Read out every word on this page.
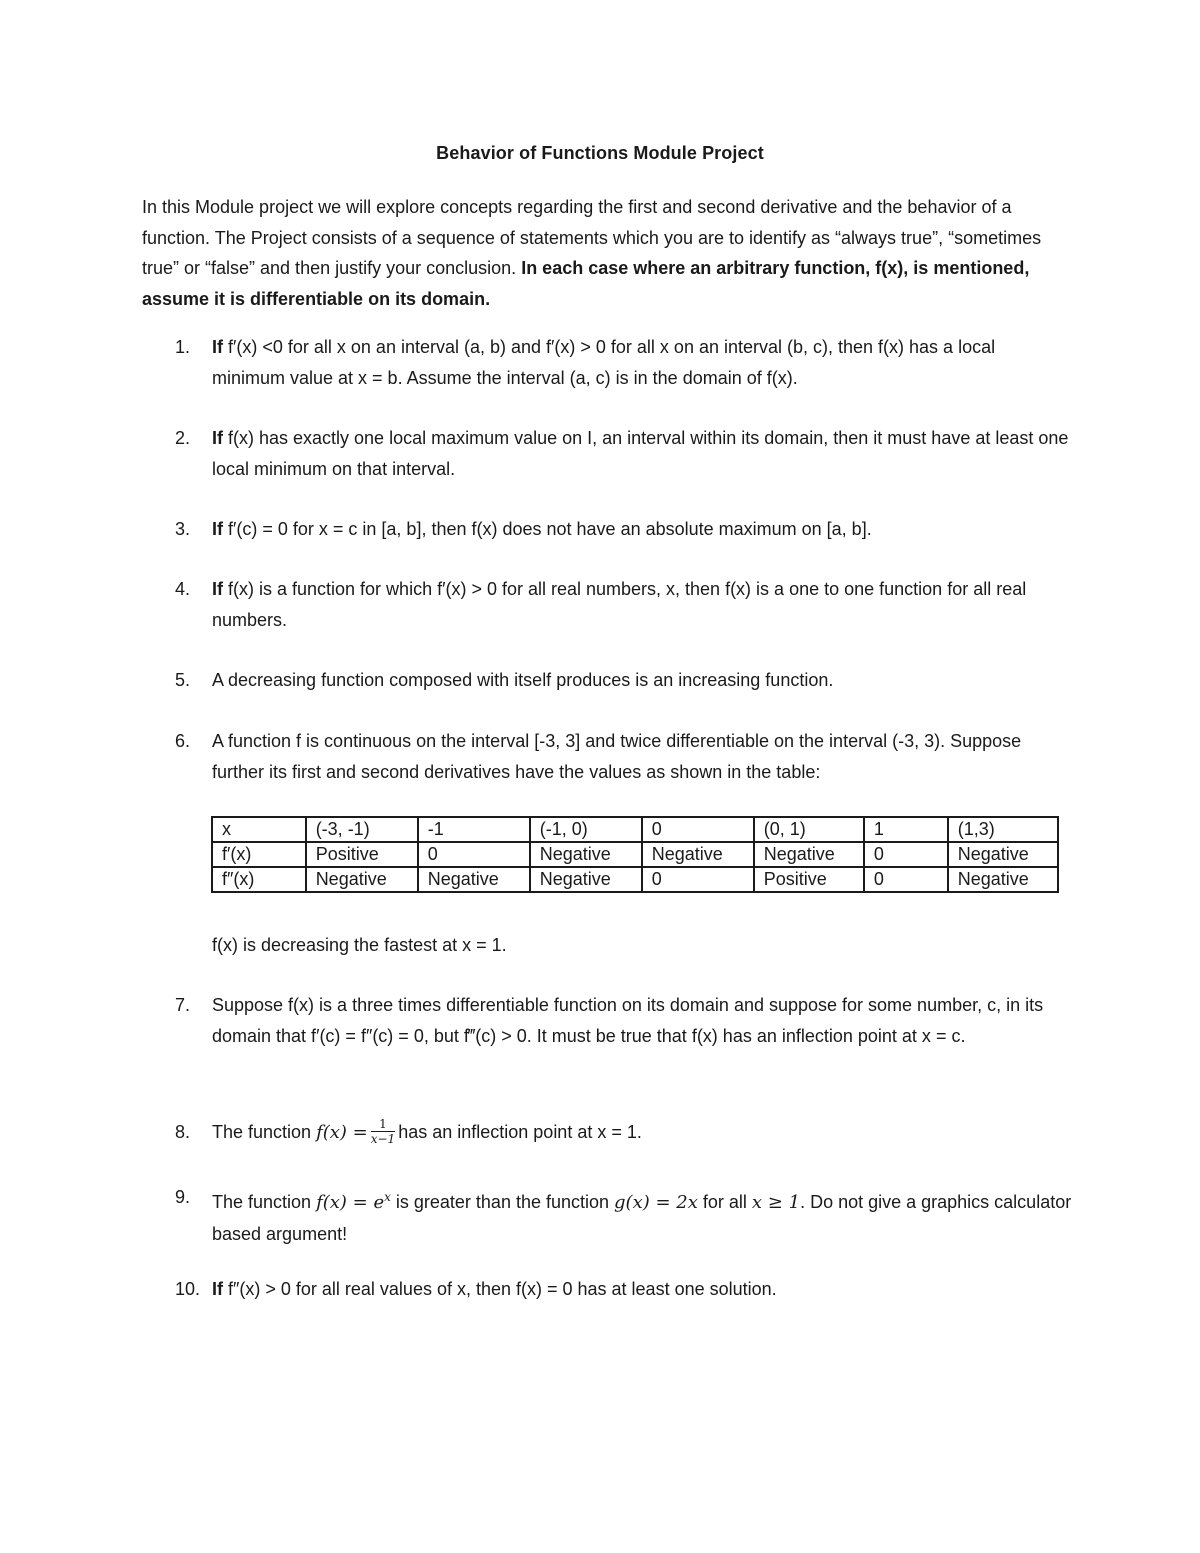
Behavior of Functions Module Project
In this Module project we will explore concepts regarding the first and second derivative and the behavior of a function. The Project consists of a sequence of statements which you are to identify as “always true”, “sometimes true” or “false” and then justify your conclusion. In each case where an arbitrary function, f(x), is mentioned, assume it is differentiable on its domain.
1.	If f′(x) <0 for all x on an interval (a, b) and f′(x) > 0 for all x on an interval (b, c), then f(x) has a local minimum value at x = b. Assume the interval (a, c) is in the domain of f(x).
2.	If f(x) has exactly one local maximum value on I, an interval within its domain, then it must have at least one local minimum on that interval.
3.	If f′(c) = 0 for x = c in [a, b], then f(x) does not have an absolute maximum on [a, b].
4.	If f(x) is a function for which f′(x) > 0 for all real numbers, x, then f(x) is a one to one function for all real numbers.
5.	A decreasing function composed with itself produces is an increasing function.
6.	A function f is continuous on the interval [-3, 3] and twice differentiable on the interval (-3, 3). Suppose further its first and second derivatives have the values as shown in the table:
x	(-3, -1)	-1	(-1, 0)	0	(0, 1)	1	(1,3)
f′(x)	Positive	0	Negative	Negative	Negative	0	Negative
f″(x)	Negative	Negative	Negative	0	Positive	0	Negative
f(x) is decreasing the fastest at x = 1.
7.	Suppose f(x) is a three times differentiable function on its domain and suppose for some number, c, in its domain that f′(c) = f″(c) = 0, but f‴(c) > 0. It must be true that f(x) has an inflection point at x = c.
8.	The function $f(x) = \frac{1}{x-1}$ has an inflection point at x = 1.
9.	The function $f(x) = e^x$ is greater than the function g(x) = 2x for all x ≥ 1. Do not give a graphics calculator based argument!
10. If f″(x) > 0 for all real values of x, then f(x) = 0 has at least one solution.
